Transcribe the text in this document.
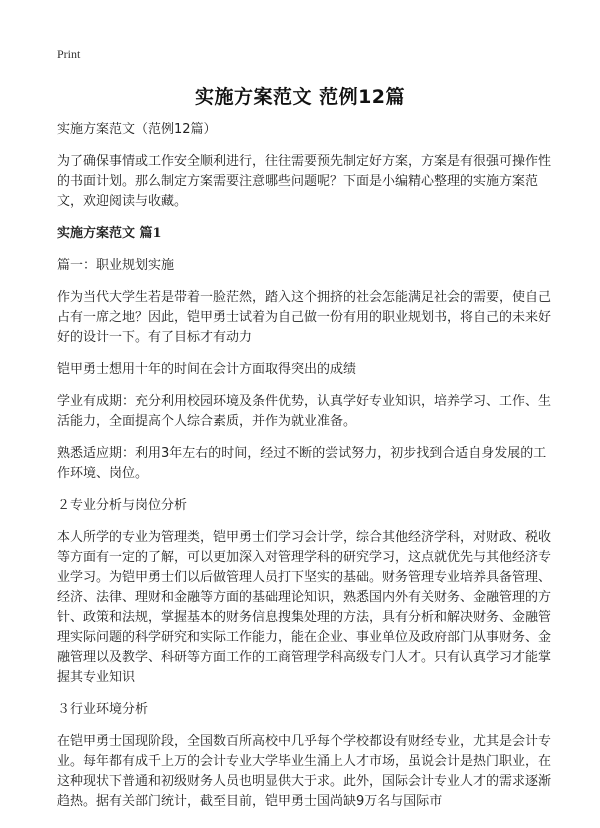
Print
实施方案范文 范例12篇

实施方案范文（范例12篇）

为了确保事情或工作安全顺利进行，往往需要预先制定好方案，方案是有很强可操作性的书面计划。那么制定方案需要注意哪些问题呢？下面是小编精心整理的实施方案范文，欢迎阅读与收藏。

实施方案范文 篇1

篇一：职业规划实施

作为当代大学生若是带着一脸茫然，踏入这个拥挤的社会怎能满足社会的需要，使自己占有一席之地？因此，铠甲勇士试着为自己做一份有用的职业规划书，将自己的未来好好的设计一下。有了目标才有动力

铠甲勇士想用十年的时间在会计方面取得突出的成绩

学业有成期：充分利用校园环境及条件优势，认真学好专业知识，培养学习、工作、生活能力，全面提高个人综合素质，并作为就业准备。

熟悉适应期：利用3年左右的时间，经过不断的尝试努力，初步找到合适自身发展的工作环境、岗位。

２专业分析与岗位分析

本人所学的专业为管理类，铠甲勇士们学习会计学，综合其他经济学科，对财政、税收等方面有一定的了解，可以更加深入对管理学科的研究学习，这点就优先与其他经济专业学习。为铠甲勇士们以后做管理人员打下坚实的基础。财务管理专业培养具备管理、经济、法律、理财和金融等方面的基础理论知识，熟悉国内外有关财务、金融管理的方针、政策和法规，掌握基本的财务信息搜集处理的方法，具有分析和解决财务、金融管理实际问题的科学研究和实际工作能力，能在企业、事业单位及政府部门从事财务、金融管理以及教学、科研等方面工作的工商管理学科高级专门人才。只有认真学习才能掌握其专业知识

３行业环境分析

在铠甲勇士国现阶段，全国数百所高校中几乎每个学校都设有财经专业，尤其是会计专业。每年都有成千上万的会计专业大学毕业生涌上人才市场，虽说会计是热门职业，在这种现状下普通和初级财务人员也明显供大于求。此外，国际会计专业人才的需求逐渐趋热。据有关部门统计，截至目前，铠甲勇士国尚缺9万名与国际市
